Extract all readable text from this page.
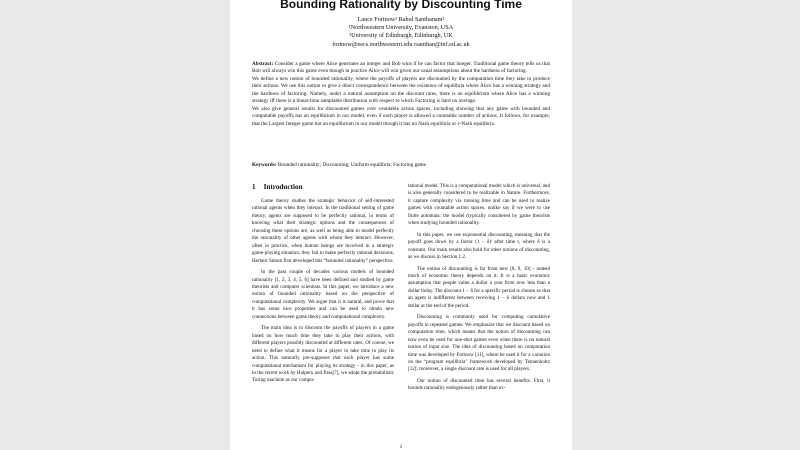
Bounding Rationality by Discounting Time
Lance Fortnow¹ Rahul Santhanam²
¹Northwestern University, Evanston, USA
²University of Edinburgh, Edinburgh, UK
fortnow@eecs.northwestern.edu rsanthan@inf.ed.ac.uk

Abstract: Consider a game where Alice generates an integer and Bob wins if he can factor that integer. Traditional game theory tells us that Bob will always win this game even though in practice Alice will win given our usual assumptions about the hardness of factoring.

We define a new notion of bounded rationality, where the payoffs of players are discounted by the computation time they take to produce their actions. We use this notion to give a direct correspondence between the existence of equilibria where Alice has a winning strategy and the hardness of factoring. Namely, under a natural assumption on the discount rates, there is an equilibrium where Alice has a winning strategy iff there is a linear-time samplable distribution with respect to which Factoring is hard on average.

We also give general results for discounted games over countable action spaces, including showing that any game with bounded and computable payoffs has an equilibrium in our model, even if each player is allowed a countable number of actions. It follows, for example, that the Largest Integer game has an equilibrium in our model though it has no Nash equilibria or ε-Nash equilibria.

Keywords: Bounded rationality; Discounting; Uniform equilibria; Factoring game
1 Introduction

Game theory studies the strategic behavior of self-interested rational agents when they interact. In the traditional setting of game theory, agents are supposed to be perfectly rational, in terms of knowing what their strategic options and the consequences of choosing these options are, as well as being able to model perfectly the rationality of other agents with whom they interact. However, often in practice, when human beings are involved in a strategic game-playing situation, they fail to make perfectly rational decisions. Herbert Simon first developed this “bounded rationality” perspective.

In the past couple of decades various models of bounded rationality [1, 2, 3, 4, 5, 6] have been defined and studied by game theorists and computer scientists. In this paper, we introduce a new notion of bounded rationality based on the perspective of computational complexity. We argue that it is natural, and prove that it has some nice properties and can be used to obtain new connections between game theory and computational complexity.

The main idea is to discount the payoffs of players in a game based on how much time they take to play their actions, with different players possibly discounted at different rates. Of course, we need to define what it means for a player to take time to play its action. This naturally pre-supposes that each player has some computational mechanism for playing its strategy - in this paper, as in the recent work by Halpern and Pass[7], we adopt the probabilistic Turing machine as our compu-

tational model. This is a computational model which is universal, and is also generally considered to be realizable in Nature. Furthermore, it capture complexity via running time and can be used to realize games with countable action spaces, unlike say if we were to use finite automata: the model (typically considered by game theorists when studying bounded rationality.

In this paper, we use exponential discounting, meaning that the payoff goes down by a factor (1 − δ)ᵗ after time t, where δ is a constant. Our main results also hold for other notions of discounting, as we discuss in Section 1.2.

The notion of discounting is far from new [8, 9, 10] - indeed much of economic theory depends on it. It is a basic economic assumption that people value a dollar a year from now less than a dollar today. The discount 1 − δ for a specific period is chosen so that an agent is indifferent between receiving 1 − δ dollars now and 1 dollar at the end of the period.

Discounting is commonly used for computing cumulative payoffs in repeated games. We emphasize that we discount based on computation time, which means that the notion of discounting can now even be used for one-shot games even when there is no natural notion of input size. The idea of discounting based on computation time was developed by Fortnow [11], where he used it for a variation on the “program equilibria” framework developed by Tennenholtz [12]; moreover, a single discount rate is used for all players.

Our notion of discounted time has several benefits. First, it bounds rationality endogenously rather than ex-

1
